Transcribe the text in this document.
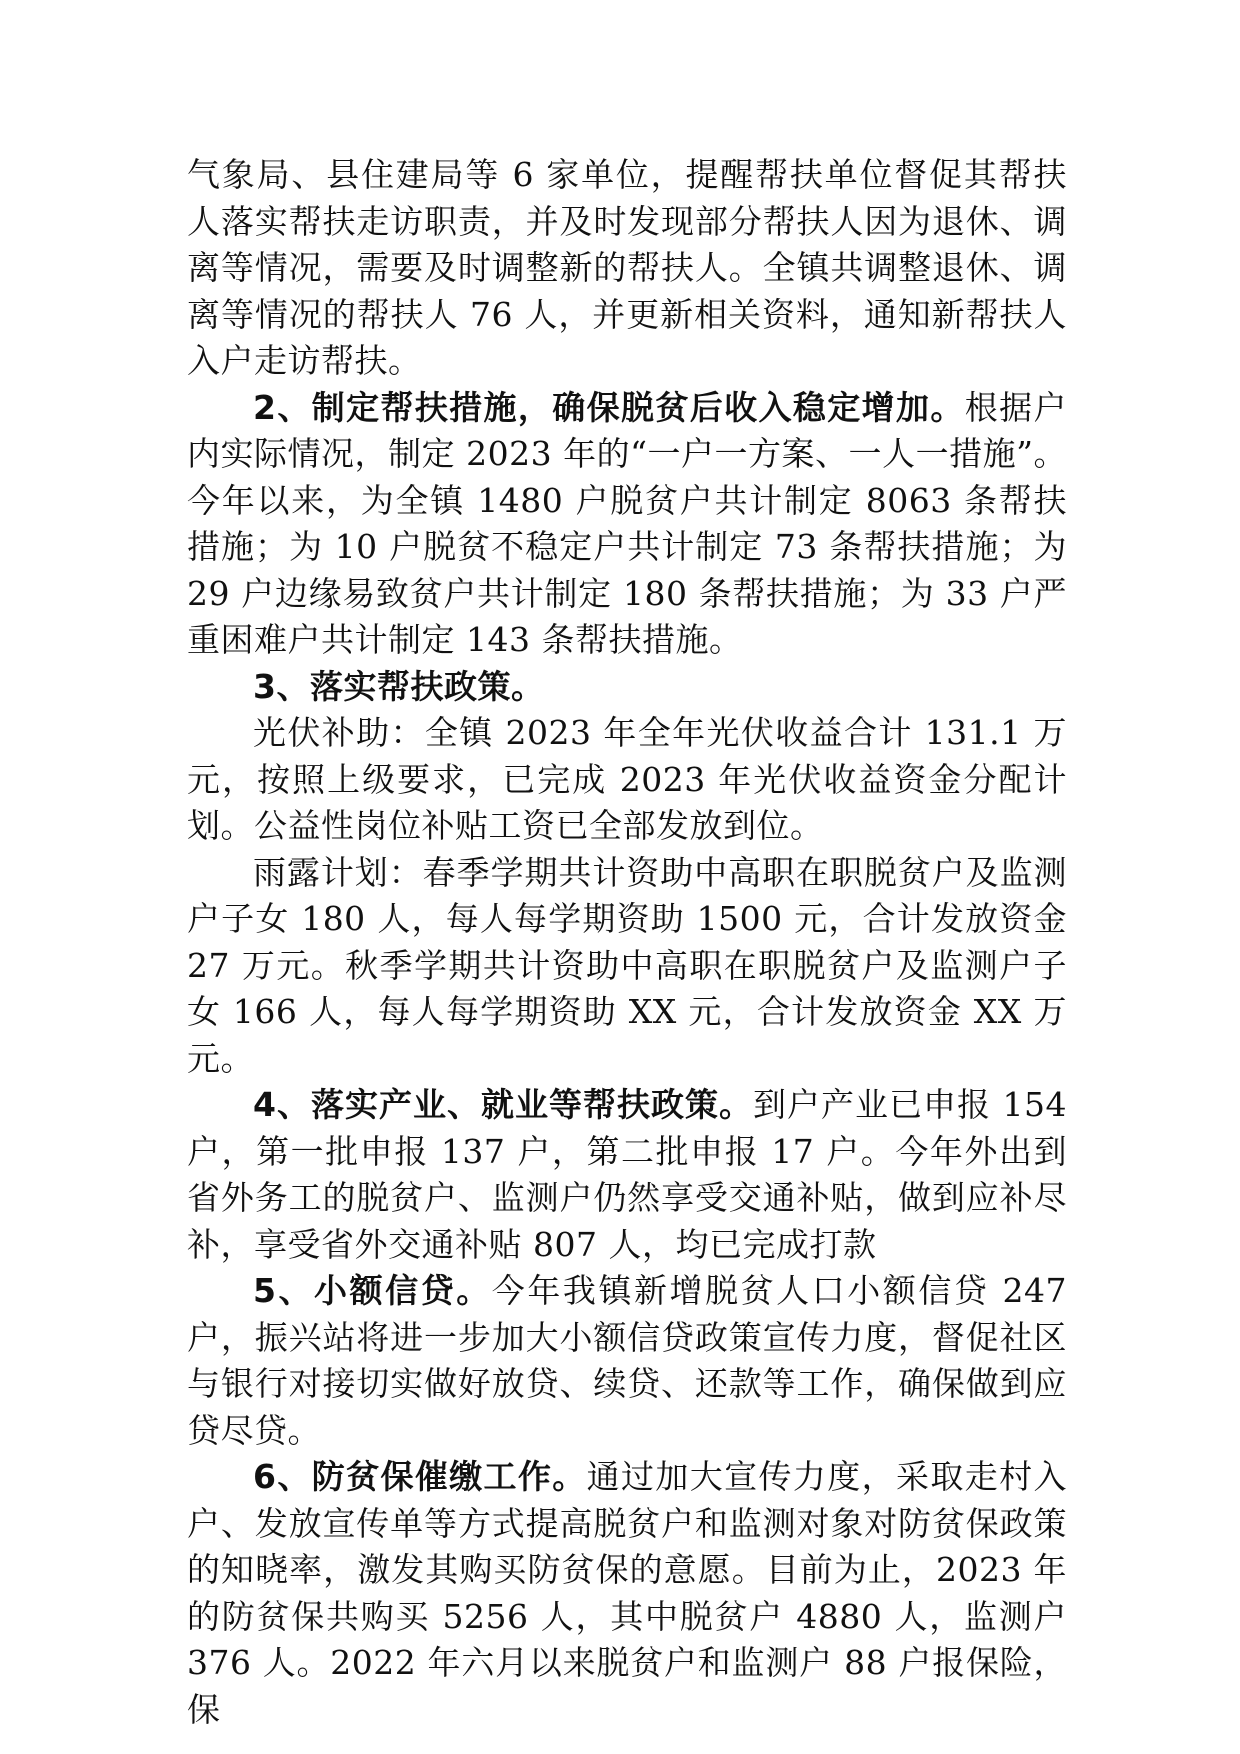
气象局、县住建局等 6 家单位，提醒帮扶单位督促其帮扶人落实帮扶走访职责，并及时发现部分帮扶人因为退休、调离等情况，需要及时调整新的帮扶人。全镇共调整退休、调离等情况的帮扶人 76 人，并更新相关资料，通知新帮扶人入户走访帮扶。

2、制定帮扶措施，确保脱贫后收入稳定增加。根据户内实际情况，制定 2023 年的“一户一方案、一人一措施”。今年以来，为全镇 1480 户脱贫户共计制定 8063 条帮扶措施；为 10 户脱贫不稳定户共计制定 73 条帮扶措施；为 29 户边缘易致贫户共计制定 180 条帮扶措施；为 33 户严重困难户共计制定 143 条帮扶措施。

3、落实帮扶政策。

光伏补助：全镇 2023 年全年光伏收益合计 131.1 万元，按照上级要求，已完成 2023 年光伏收益资金分配计划。公益性岗位补贴工资已全部发放到位。

雨露计划：春季学期共计资助中高职在职脱贫户及监测户子女 180 人，每人每学期资助 1500 元，合计发放资金 27 万元。秋季学期共计资助中高职在职脱贫户及监测户子女 166 人，每人每学期资助 XX 元，合计发放资金 XX 万元。

4、落实产业、就业等帮扶政策。到户产业已申报 154 户，第一批申报 137 户，第二批申报 17 户。今年外出到省外务工的脱贫户、监测户仍然享受交通补贴，做到应补尽补，享受省外交通补贴 807 人，均已完成打款

5、小额信贷。今年我镇新增脱贫人口小额信贷 247 户，振兴站将进一步加大小额信贷政策宣传力度，督促社区与银行对接切实做好放贷、续贷、还款等工作，确保做到应贷尽贷。

6、防贫保催缴工作。通过加大宣传力度，采取走村入户、发放宣传单等方式提高脱贫户和监测对象对防贫保政策的知晓率，激发其购买防贫保的意愿。目前为止，2023 年的防贫保共购买 5256 人，其中脱贫户 4880 人，监测户 376 人。2022 年六月以来脱贫户和监测户 88 户报保险，保
